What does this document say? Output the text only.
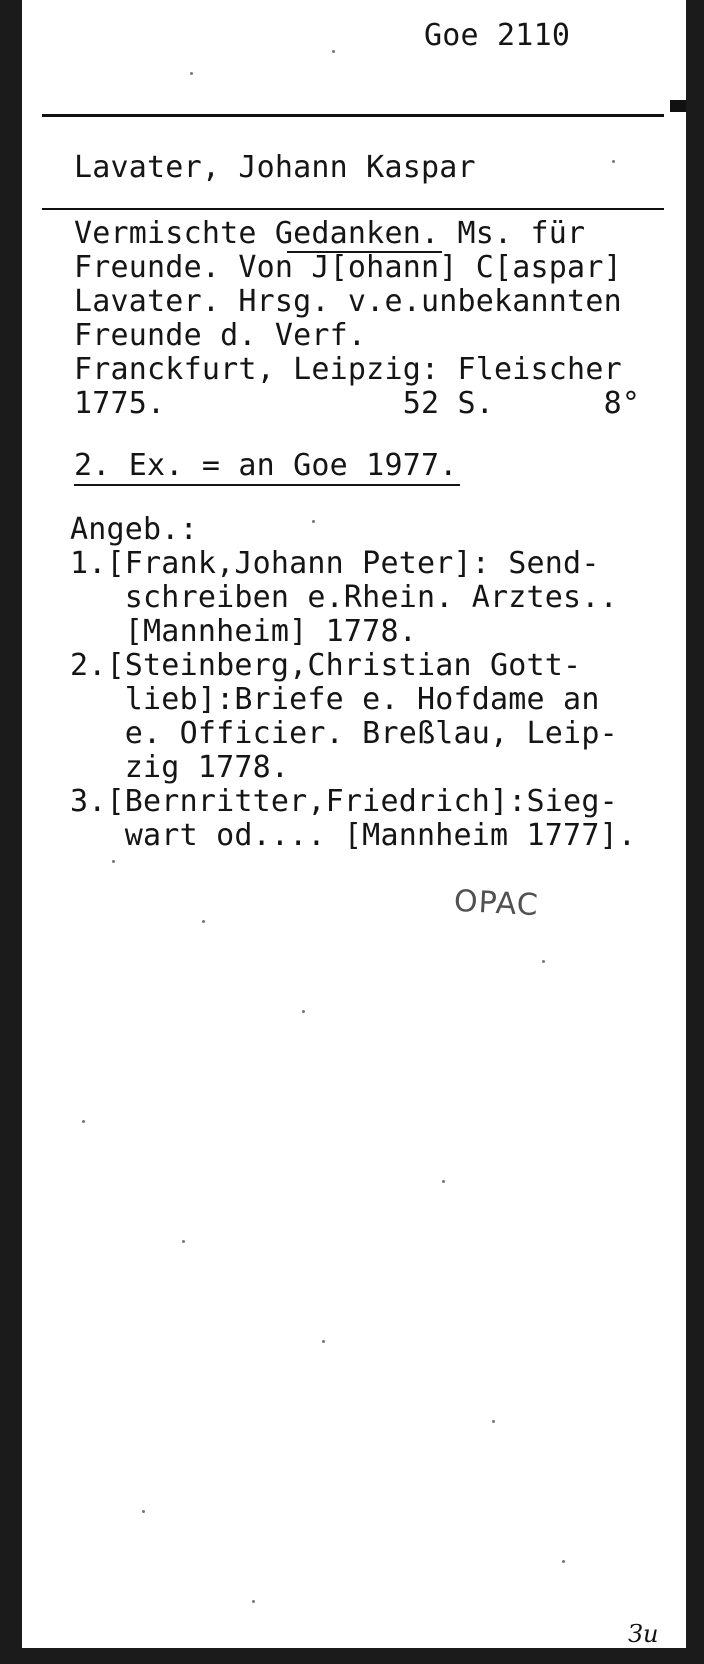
Goe 2110
Lavater, Johann Kaspar
Vermischte Gedanken. Ms. für
Freunde. Von J[ohann] C[aspar]
Lavater. Hrsg. v.e.unbekannten
Freunde d. Verf.
Franckfurt, Leipzig: Fleischer
1775.             52 S.      8°
2. Ex. = an Goe 1977.
Angeb.:
1.[Frank,Johann Peter]: Send-
schreiben e.Rhein. Arztes..
[Mannheim] 1778.
2.[Steinberg,Christian Gott-
lieb]:Briefe e. Hofdame an
e. Officier. Breßlau, Leip-
zig 1778.
3.[Bernritter,Friedrich]:Sieg-
wart od.... [Mannheim 1777].
OPAC
Зu
